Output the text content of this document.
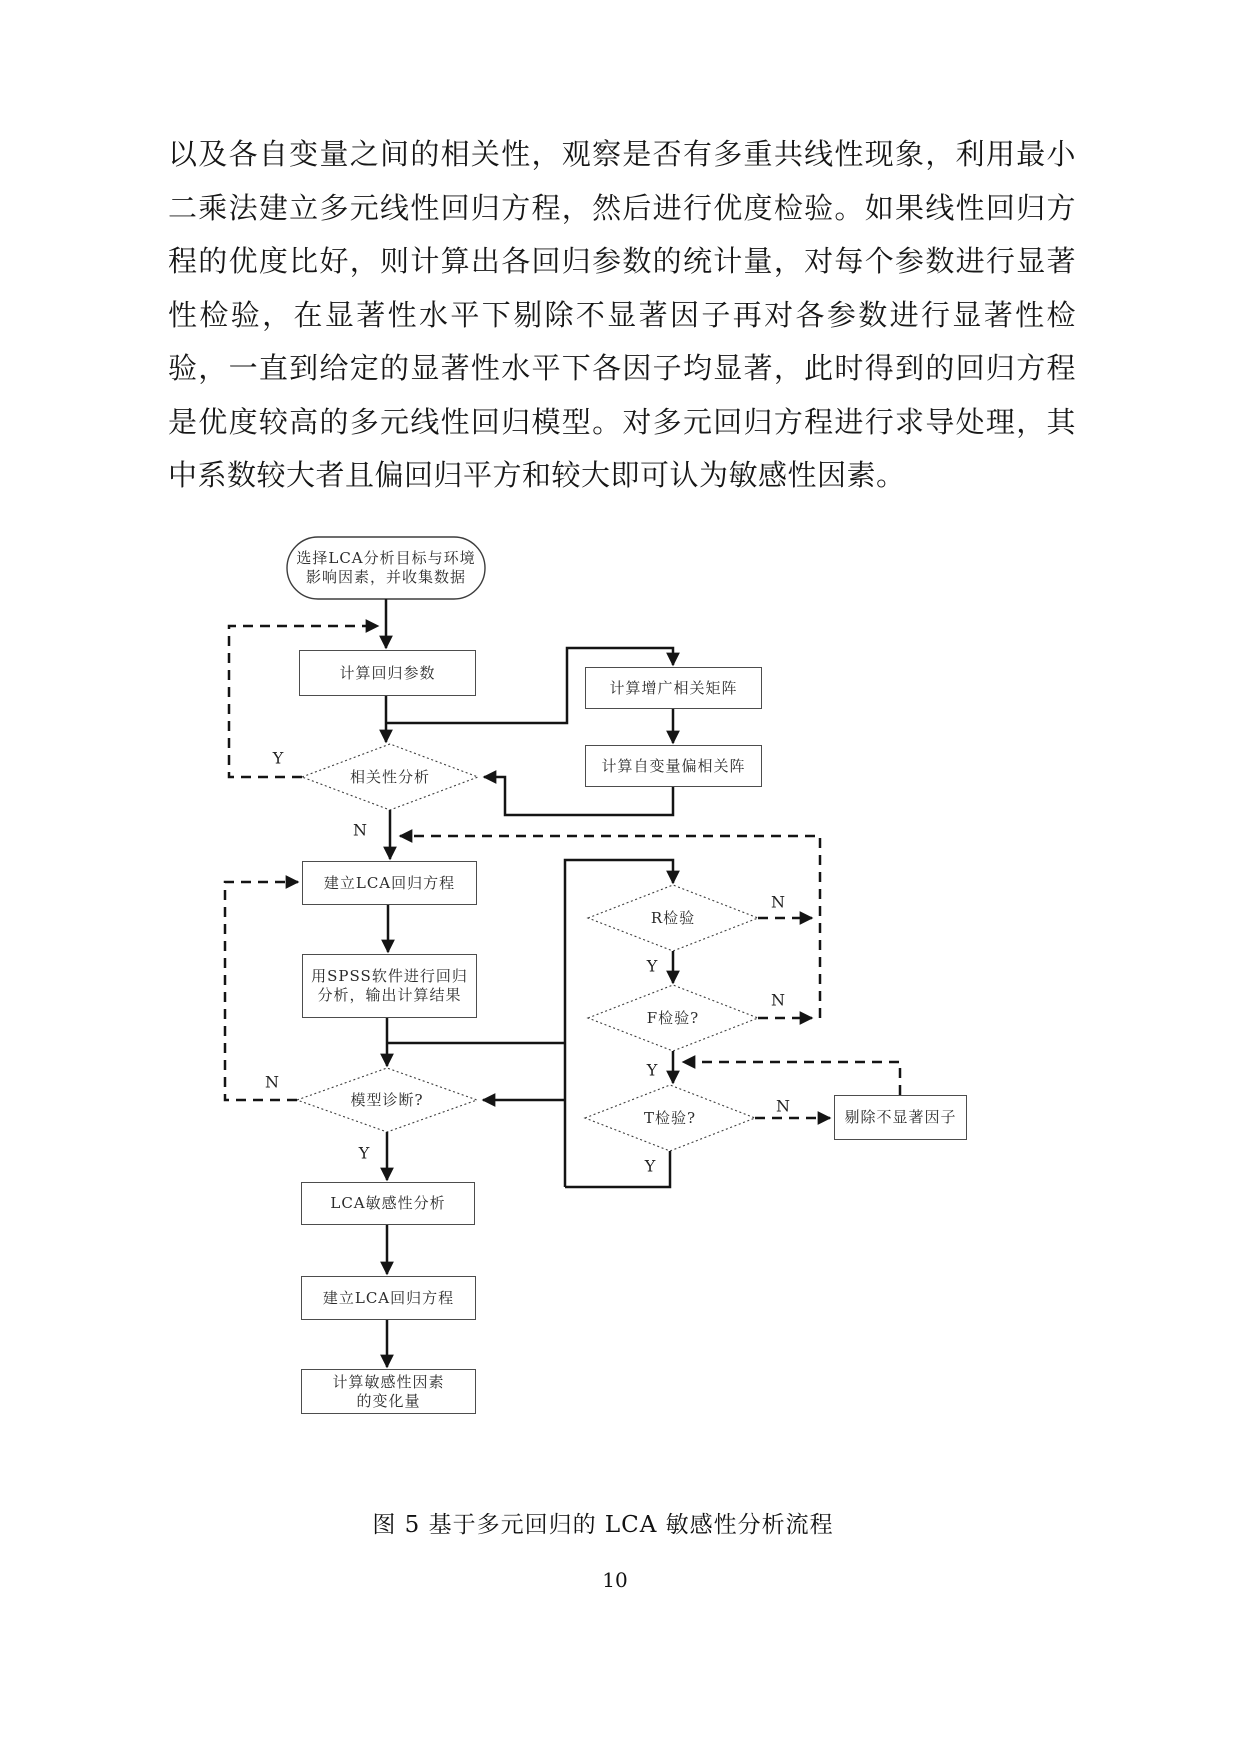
以及各自变量之间的相关性，观察是否有多重共线性现象，利用最小二乘法建立多元线性回归方程，然后进行优度检验。如果线性回归方程的优度比好，则计算出各回归参数的统计量，对每个参数进行显著性检验，在显著性水平下剔除不显著因子再对各参数进行显著性检验，一直到给定的显著性水平下各因子均显著，此时得到的回归方程是优度较高的多元线性回归模型。对多元回归方程进行求导处理，其中系数较大者且偏回归平方和较大即可认为敏感性因素。
选择LCA分析目标与环境
影响因素，并收集数据
计算回归参数
计算增广相关矩阵
计算自变量偏相关阵
建立LCA回归方程
用SPSS软件进行回归
分析，输出计算结果
剔除不显著因子
LCA敏感性分析
建立LCA回归方程
计算敏感性因素
的变化量
相关性分析
模型诊断?
R检验
F检验?
T检验?
Y
N
Y
N
Y
N
Y
N
Y
N
图 5 基于多元回归的 LCA 敏感性分析流程
10
